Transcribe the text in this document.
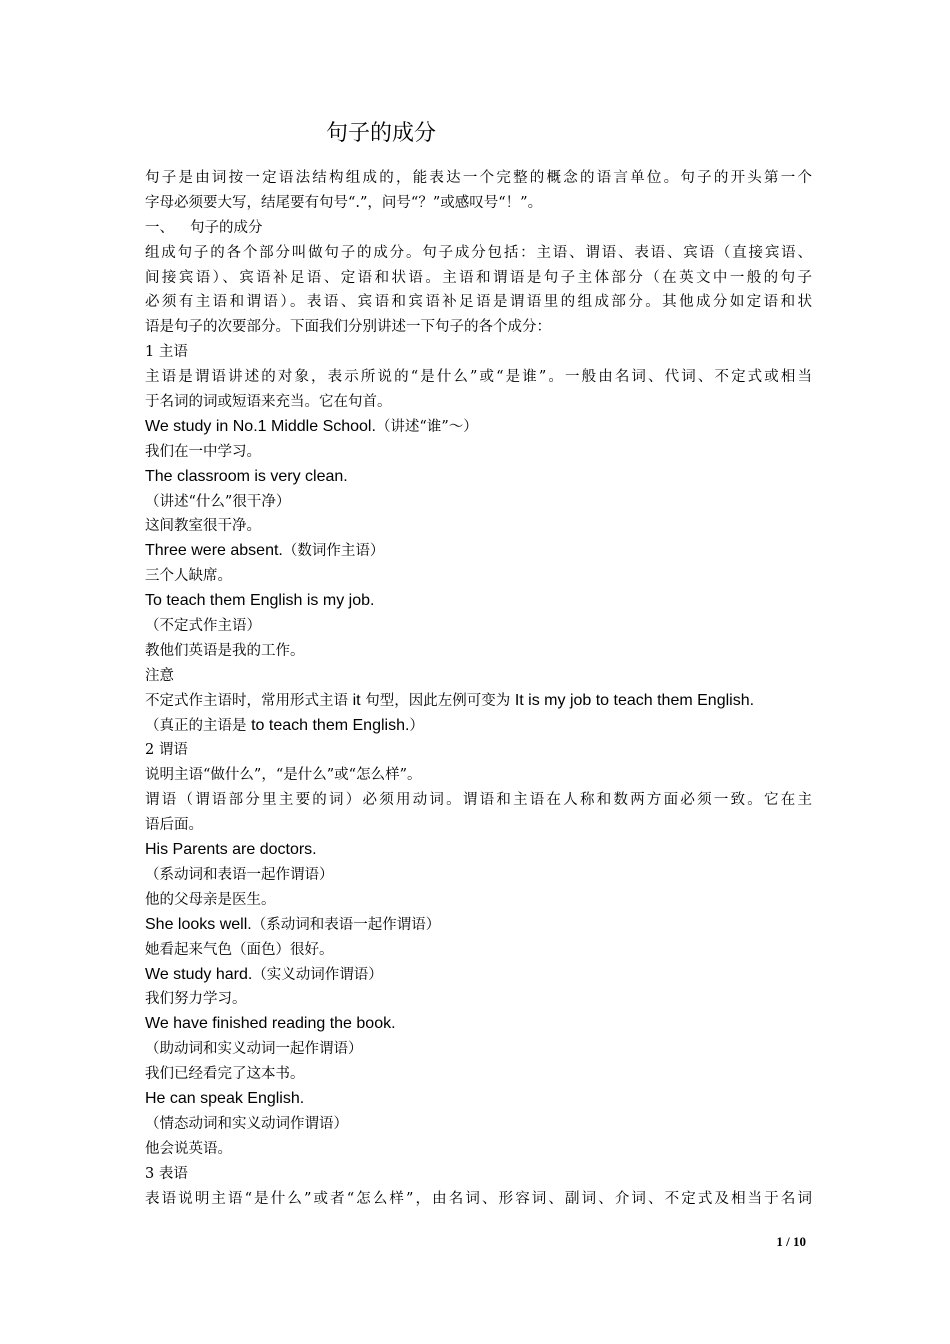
句子的成分
句子是由词按一定语法结构组成的，能表达一个完整的概念的语言单位。句子的开头第一个
字母必须要大写，结尾要有句号“.”，问号“？”或感叹号“！”。
一、 句子的成分
组成句子的各个部分叫做句子的成分。句子成分包括：主语、谓语、表语、宾语（直接宾语、
间接宾语）、宾语补足语、定语和状语。主语和谓语是句子主体部分（在英文中一般的句子
必须有主语和谓语）。表语、宾语和宾语补足语是谓语里的组成部分。其他成分如定语和状
语是句子的次要部分。下面我们分别讲述一下句子的各个成分：
1 主语
主语是谓语讲述的对象，表示所说的“是什么”或“是谁”。一般由名词、代词、不定式或相当
于名词的词或短语来充当。它在句首。
We study in No.1 Middle School.（讲述“谁”～）
我们在一中学习。
The classroom is very clean.
（讲述“什么”很干净）
这间教室很干净。
Three were absent.（数词作主语）
三个人缺席。
To teach them English is my job.
（不定式作主语）
教他们英语是我的工作。
注意
不定式作主语时，常用形式主语 it 句型，因此左例可变为 It is my job to teach them English.
（真正的主语是 to teach them English.）
2 谓语
说明主语“做什么”，“是什么”或“怎么样”。
谓语（谓语部分里主要的词）必须用动词。谓语和主语在人称和数两方面必须一致。它在主
语后面。
His Parents are doctors.
（系动词和表语一起作谓语）
他的父母亲是医生。
She looks well.（系动词和表语一起作谓语）
她看起来气色（面色）很好。
We study hard.（实义动词作谓语）
我们努力学习。
We have finished reading the book.
（助动词和实义动词一起作谓语）
我们已经看完了这本书。
He can speak English.
（情态动词和实义动词作谓语）
他会说英语。
3 表语
表语说明主语“是什么”或者“怎么样”，由名词、形容词、副词、介词、不定式及相当于名词
1 / 10
